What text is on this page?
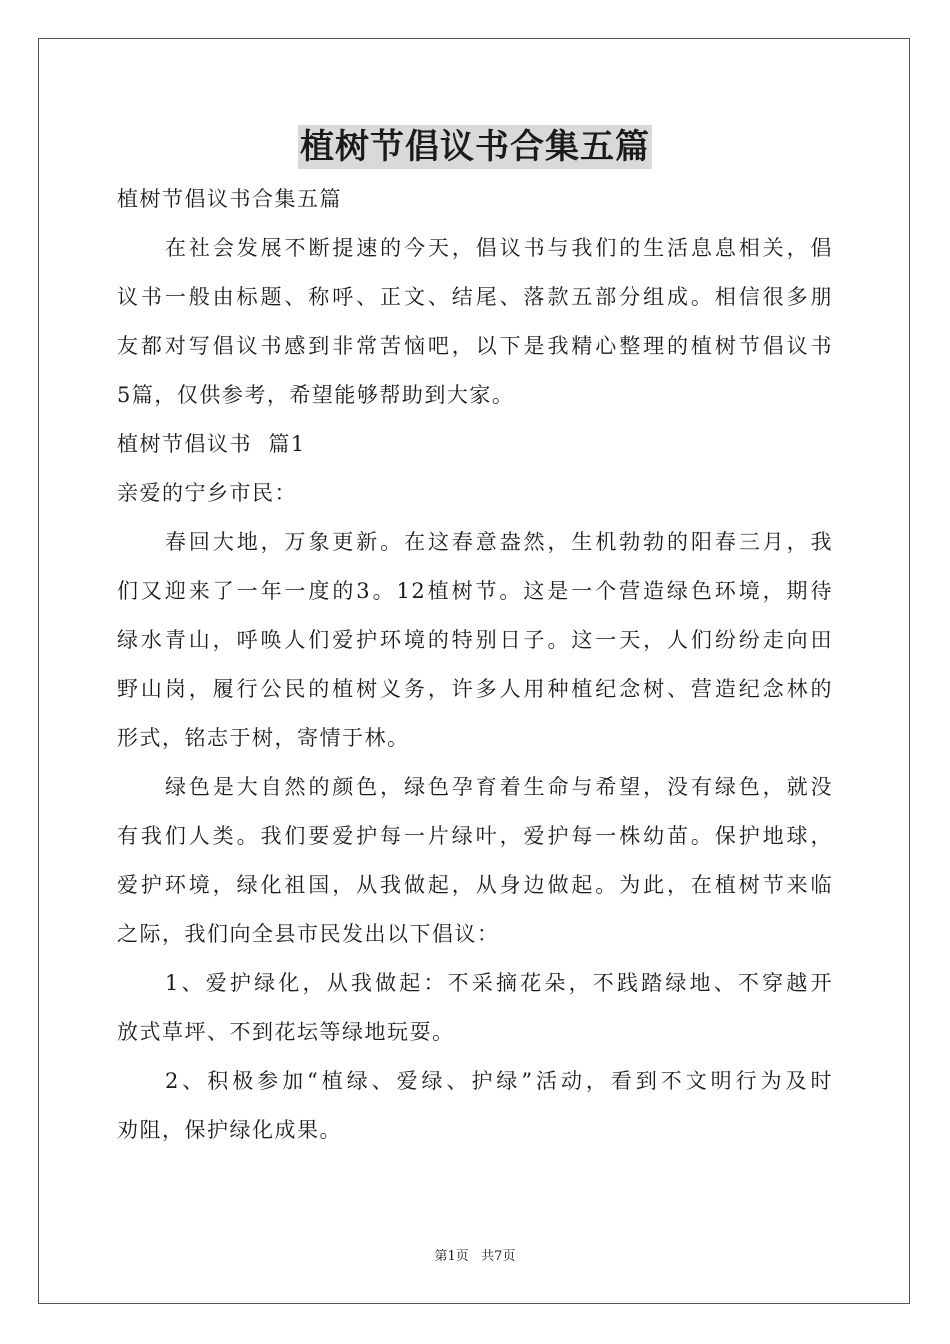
植树节倡议书合集五篇
植树节倡议书合集五篇
在社会发展不断提速的今天，倡议书与我们的生活息息相关，倡
议书一般由标题、称呼、正文、结尾、落款五部分组成。相信很多朋
友都对写倡议书感到非常苦恼吧，以下是我精心整理的植树节倡议书
5篇，仅供参考，希望能够帮助到大家。
植树节倡议书  篇1
亲爱的宁乡市民：
春回大地，万象更新。在这春意盎然，生机勃勃的阳春三月，我
们又迎来了一年一度的3。12植树节。这是一个营造绿色环境，期待
绿水青山，呼唤人们爱护环境的特别日子。这一天，人们纷纷走向田
野山岗，履行公民的植树义务，许多人用种植纪念树、营造纪念林的
形式，铭志于树，寄情于林。
绿色是大自然的颜色，绿色孕育着生命与希望，没有绿色，就没
有我们人类。我们要爱护每一片绿叶，爱护每一株幼苗。保护地球，
爱护环境，绿化祖国，从我做起，从身边做起。为此，在植树节来临
之际，我们向全县市民发出以下倡议：
1、爱护绿化，从我做起：不采摘花朵，不践踏绿地、不穿越开
放式草坪、不到花坛等绿地玩耍。
2、积极参加“植绿、爱绿、护绿”活动，看到不文明行为及时
劝阻，保护绿化成果。
第1页   共7页
